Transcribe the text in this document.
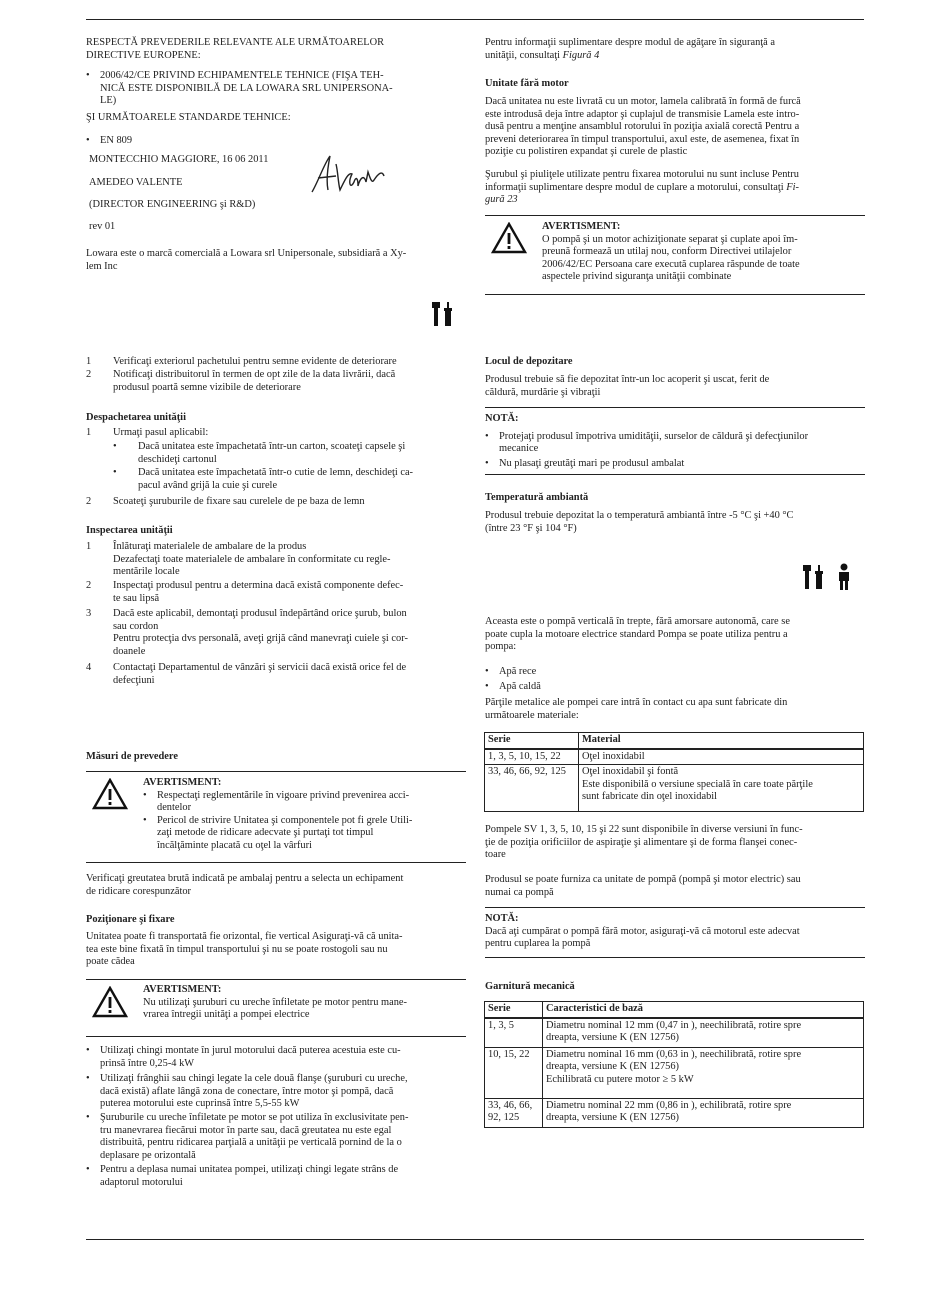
RESPECTĂ PREVEDERILE RELEVANTE ALE URMĂTOARELOR
DIRECTIVE EUROPENE:

• 2006/42/CE PRIVIND ECHIPAMENTELE TEHNICE (FIŞA TEH-
NICĂ ESTE DISPONIBILĂ DE LA LOWARA SRL UNIPERSONA-
LE)

ŞI URMĂTOARELE STANDARDE TEHNICE:

• EN 809

MONTECCHIO MAGGIORE, 16 06 2011

AMEDEO VALENTE

(DIRECTOR ENGINEERING şi R&D)

rev 01

Lowara este o marcă comercială a Lowara srl Unipersonale, subsidiară a Xy-
lem Inc

Pentru informaţii suplimentare despre modul de agăţare în siguranţă a
unităţii, consultaţi Figură 4

Unitate fără motor

Dacă unitatea nu este livrată cu un motor, lamela calibrată în formă de furcă
este introdusă deja între adaptor şi cuplajul de transmisie Lamela este intro-
dusă pentru a menţine ansamblul rotorului în poziţia axială corectă Pentru a
preveni deteriorarea în timpul transportului, axul este, de asemenea, fixat în
poziţie cu polistiren expandat şi curele de plastic

Şurubul şi piuliţele utilizate pentru fixarea motorului nu sunt incluse Pentru
informaţii suplimentare despre modul de cuplare a motorului, consultaţi Fi-
gură 23

AVERTISMENT:

O pompă şi un motor achiziţionate separat şi cuplate apoi îm-
preună formează un utilaj nou, conform Directivei utilajelor
2006/42/EC Persoana care execută cuplarea răspunde de toate
aspectele privind siguranţa unităţii combinate

1	Verificaţi exteriorul pachetului pentru semne evidente de deteriorare
2	Notificaţi distribuitorul în termen de opt zile de la data livrării, dacă
produsul poartă semne vizibile de deteriorare

Despachetarea unităţii

1	Urmaţi pasul aplicabil:
•	Dacă unitatea este împachetată într-un carton, scoateţi capsele şi
deschideţi cartonul
•	Dacă unitatea este împachetată într-o cutie de lemn, deschideţi ca-
pacul având grijă la cuie şi curele
2	Scoateţi şuruburile de fixare sau curelele de pe baza de lemn

Inspectarea unităţii

1	Înlăturaţi materialele de ambalare de la produs
Dezafectaţi toate materialele de ambalare în conformitate cu regle-
mentările locale
2	Inspectaţi produsul pentru a determina dacă există componente defec-
te sau lipsă
3	Dacă este aplicabil, demontaţi produsul îndepărtând orice şurub, bulon
sau cordon
Pentru protecţia dvs personală, aveţi grijă când manevraţi cuiele şi cor-
doanele
4	Contactaţi Departamentul de vânzări şi servicii dacă există orice fel de
defecţiuni

Locul de depozitare

Produsul trebuie să fie depozitat într-un loc acoperit şi uscat, ferit de
căldură, murdărie şi vibraţii

NOTĂ:

• Protejaţi produsul împotriva umidităţii, surselor de căldură şi defecţiunilor
mecanice
• Nu plasaţi greutăţi mari pe produsul ambalat

Temperatură ambiantă

Produsul trebuie depozitat la o temperatură ambiantă între -5 °C şi +40 °C
(între 23 °F şi 104 °F)

Măsuri de prevedere

AVERTISMENT:

• Respectaţi reglementările în vigoare privind prevenirea acci-
dentelor
• Pericol de strivire Unitatea şi componentele pot fi grele Utili-
zaţi metode de ridicare adecvate şi purtaţi tot timpul
încălţăminte placată cu oţel la vârfuri

Verificaţi greutatea brută indicată pe ambalaj pentru a selecta un echipament
de ridicare corespunzător

Poziţionare şi fixare

Unitatea poate fi transportată fie orizontal, fie vertical Asiguraţi-vă că unita-
tea este bine fixată în timpul transportului şi nu se poate rostogoli sau nu
poate cădea

AVERTISMENT:

Nu utilizaţi şuruburi cu ureche înfiletate pe motor pentru mane-
vrarea întregii unităţi a pompei electrice

• Utilizaţi chingi montate în jurul motorului dacă puterea acestuia este cu-
prinsă între 0,25-4 kW
• Utilizaţi frânghii sau chingi legate la cele două flanşe (şuruburi cu ureche,
dacă există) aflate lângă zona de conectare, între motor şi pompă, dacă
puterea motorului este cuprinsă între 5,5-55 kW
• Şuruburile cu ureche înfiletate pe motor se pot utiliza în exclusivitate pen-
tru manevrarea fiecărui motor în parte sau, dacă greutatea nu este egal
distribuită, pentru ridicarea parţială a unităţii pe verticală pornind de la o
deplasare pe orizontală
• Pentru a deplasa numai unitatea pompei, utilizaţi chingi legate strâns de
adaptorul motorului

Aceasta este o pompă verticală în trepte, fără amorsare autonomă, care se
poate cupla la motoare electrice standard Pompa se poate utiliza pentru a
pompa:

• Apă rece
• Apă caldă

Părţile metalice ale pompei care intră în contact cu apa sunt fabricate din
următoarele materiale:

Serie	Material
1, 3, 5, 10, 15, 22	Oţel inoxidabil
33, 46, 66, 92, 125	Oţel inoxidabil şi fontă
Este disponibilă o versiune specială în care toate părţile
sunt fabricate din oţel inoxidabil

Pompele SV 1, 3, 5, 10, 15 şi 22 sunt disponibile în diverse versiuni în func-
ţie de poziţia orificiilor de aspiraţie şi alimentare şi de forma flanşei conec-
toare

Produsul se poate furniza ca unitate de pompă (pompă şi motor electric) sau
numai ca pompă

NOTĂ:

Dacă aţi cumpărat o pompă fără motor, asiguraţi-vă că motorul este adecvat
pentru cuplarea la pompă

Garnitură mecanică

Serie	Caracteristici de bază
1, 3, 5	Diametru nominal 12 mm (0,47 in ), neechilibrată, rotire spre
dreapta, versiune K (EN 12756)
10, 15, 22	Diametru nominal 16 mm (0,63 in ), neechilibrată, rotire spre
dreapta, versiune K (EN 12756)
Echilibrată cu putere motor ≥ 5 kW
33, 46, 66,
92, 125	Diametru nominal 22 mm (0,86 in ), echilibrată, rotire spre
dreapta, versiune K (EN 12756)
